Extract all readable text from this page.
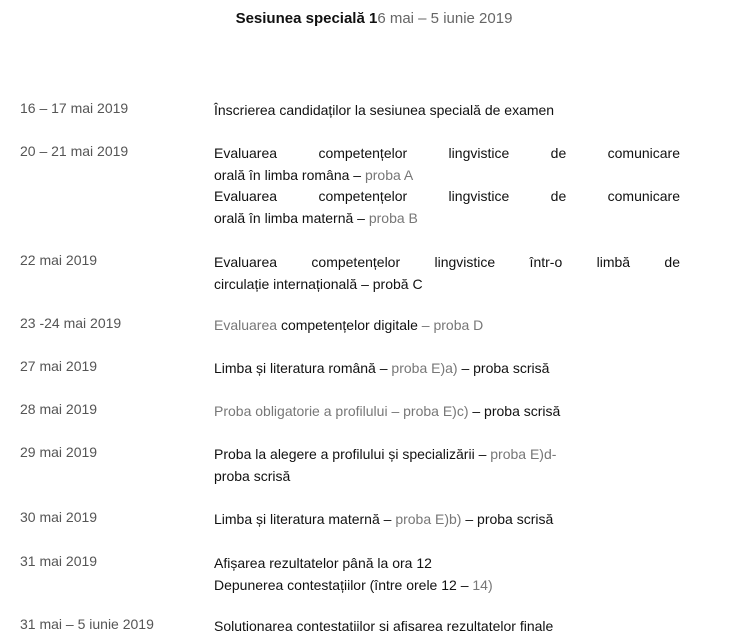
Sesiunea specială 16 mai – 5 iunie 2019
16 – 17 mai 2019	Înscrierea candidaților la sesiunea specială de examen
20 – 21 mai 2019	Evaluarea competențelor lingvistice de comunicare
orală în limba româna – proba A
Evaluarea competențelor lingvistice de comunicare
orală în limba maternă – proba B
22 mai 2019	Evaluarea competențelor lingvistice într-o limbă de
circulație internațională – probă C
23 -24 mai 2019	Evaluarea competențelor digitale – proba D
27 mai 2019	Limba și literatura română – proba E)a) – proba scrisă
28 mai 2019	Proba obligatorie a profilului – proba E)c) – proba scrisă
29 mai 2019	Proba la alegere a profilului și specializării – proba E)d-
proba scrisă
30 mai 2019	Limba și literatura maternă – proba E)b) – proba scrisă
31 mai 2019	Afișarea rezultatelor până la ora 12
Depunerea contestațiilor (între orele 12 – 14)
31 mai – 5 iunie 2019	Solutionarea contestatiilor si afisarea rezultatelor finale
